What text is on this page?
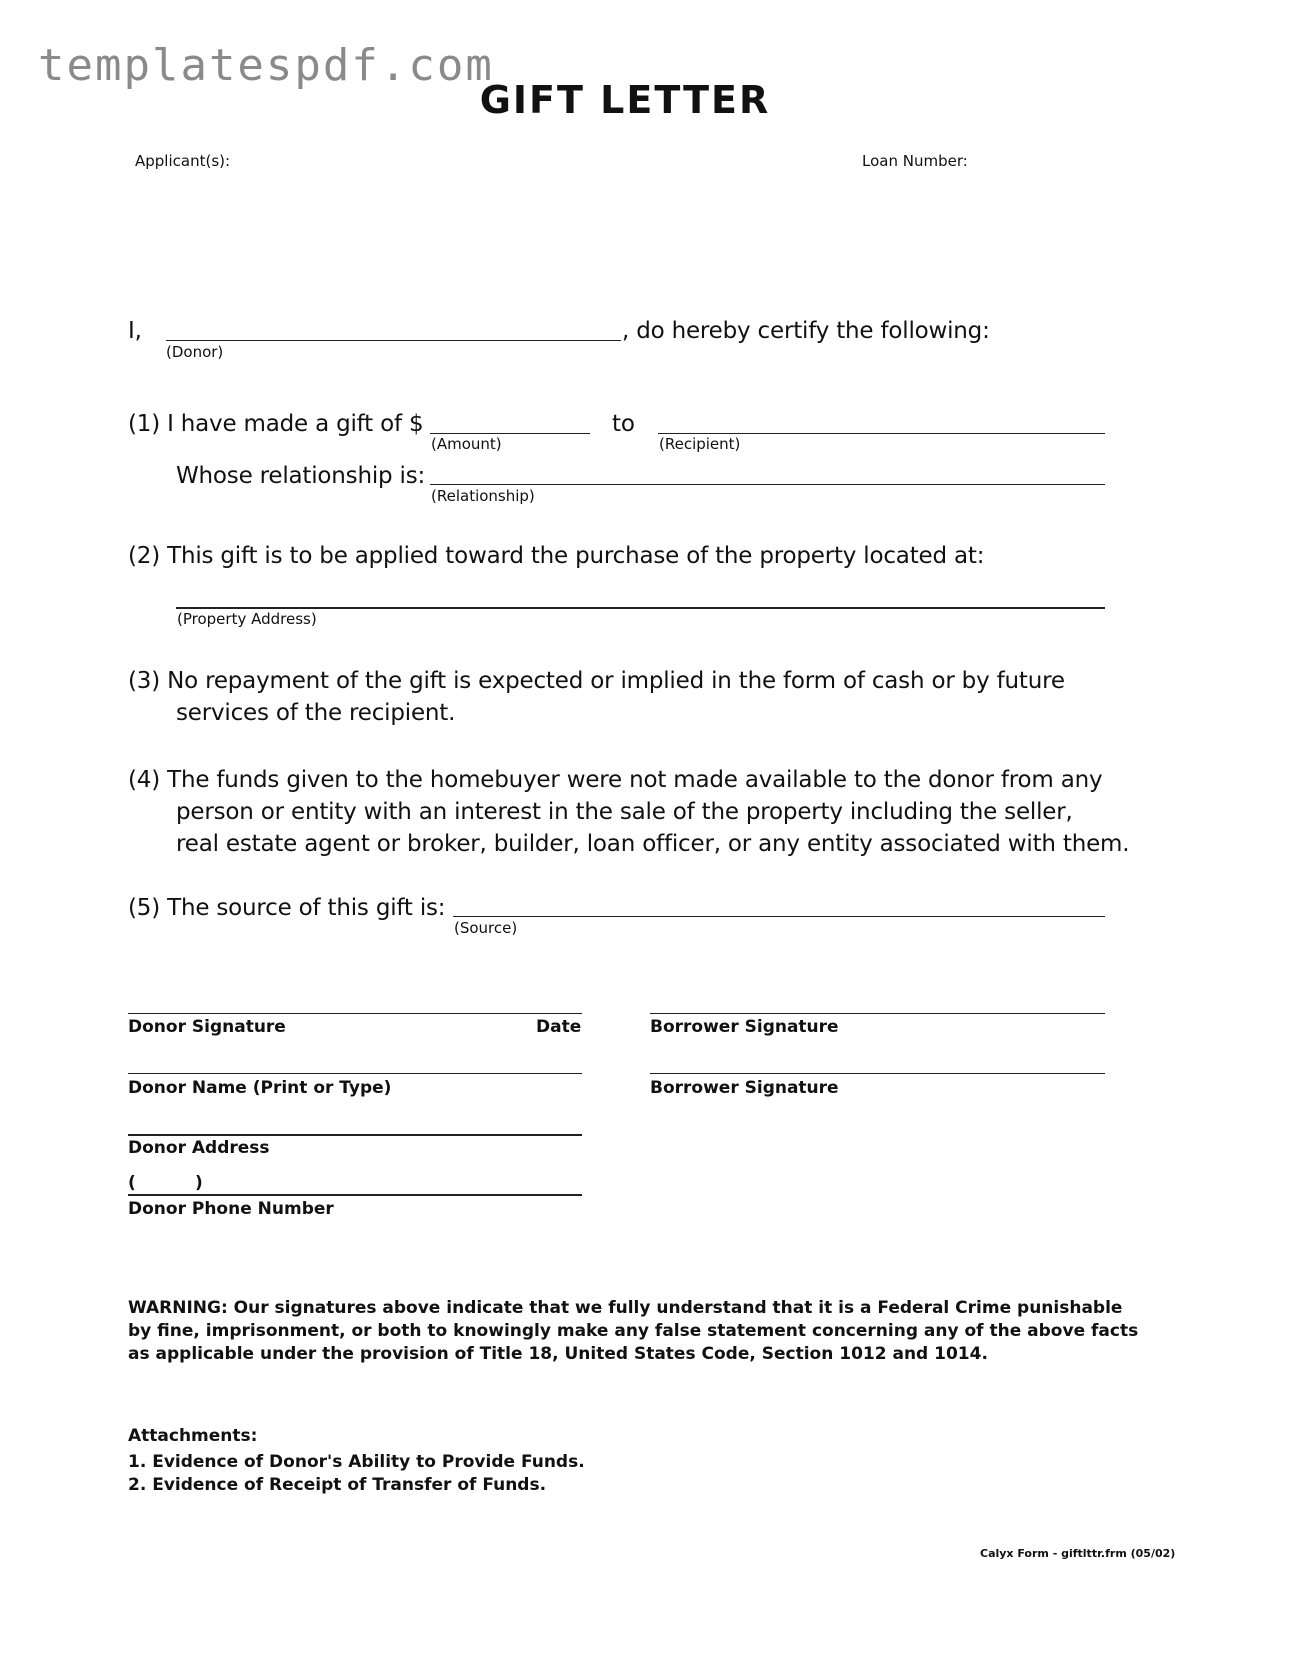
templatespdf.com
GIFT LETTER
Applicant(s):	Loan Number:
I,	, do hereby certify the following:
(Donor)
(1) I have made a gift of $	to
(Amount)	(Recipient)
Whose relationship is:
(Relationship)
(2) This gift is to be applied toward the purchase of the property located at:
(Property Address)
(3) No repayment of the gift is expected or implied in the form of cash or by future
services of the recipient.
(4) The funds given to the homebuyer were not made available to the donor from any
person or entity with an interest in the sale of the property including the seller,
real estate agent or broker, builder, loan officer, or any entity associated with them.
(5) The source of this gift is:
(Source)
Donor Signature	Date	Borrower Signature
Donor Name (Print or Type)	Borrower Signature
Donor Address
(          )
Donor Phone Number
WARNING: Our signatures above indicate that we fully understand that it is a Federal Crime punishable
by fine, imprisonment, or both to knowingly make any false statement concerning any of the above facts
as applicable under the provision of Title 18, United States Code, Section 1012 and 1014.
Attachments:
1. Evidence of Donor's Ability to Provide Funds.
2. Evidence of Receipt of Transfer of Funds.
Calyx Form - giftlttr.frm (05/02)
